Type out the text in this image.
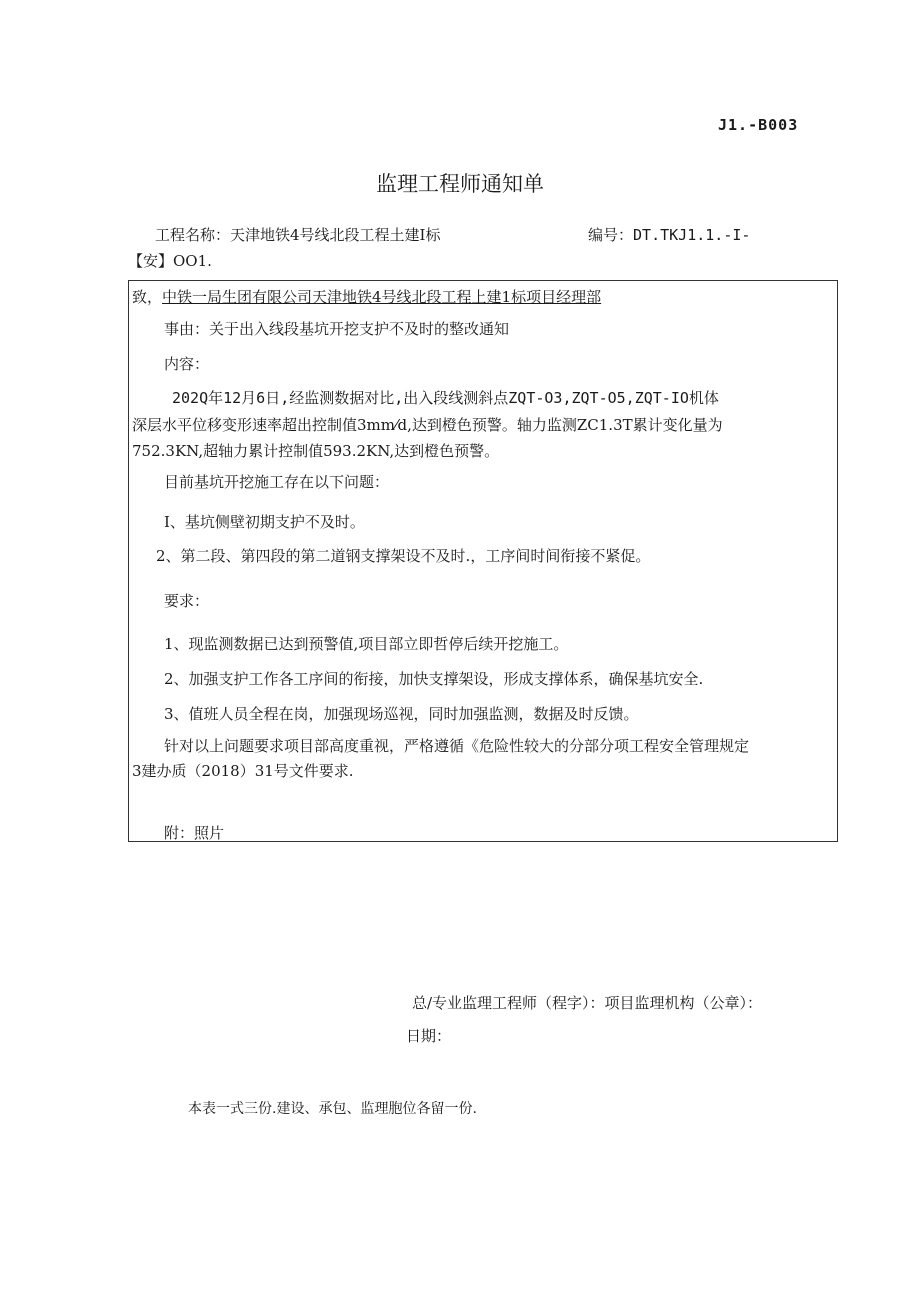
J1.-B003
监理工程师通知单
工程名称：天津地铁4号线北段工程土建I标	编号：DT.TKJ1.1.-I-
【安】OO1.
致，中铁一局生团有限公司天津地铁4号线北段工程上建1标项目经理部
事由：关于出入线段基坑开挖支护不及时的整改通知
内容：
202Q年12月6日,经监测数据对比,出入段线测斜点ZQT-O3,ZQT-O5,ZQT-IO机体
深层水平位移变形速率超出控制值3mm⁄d,达到橙色预警。轴力监测ZC1.3T累计变化量为
752.3KN,超轴力累计控制值593.2KN,达到橙色预警。
目前基坑开挖施工存在以下问题：
I、基坑侧壁初期支护不及时。
2、第二段、第四段的第二道钢支撑架设不及时.，工序间时间衔接不紧促。
要求：
1、现监测数据已达到预警值,项目部立即哲停后续开挖施工。
2、加强支护工作各工序间的衔接，加快支撑架设，形成支撑体系，确保基坑安全.
3、值班人员全程在岗，加强现场巡视，同时加强监测，数据及时反馈。
针对以上问题要求项目部高度重视，严格遵循《危险性较大的分部分项工程安全管理规定
3建办质（2018）31号文件要求.
附：照片
总/专业监理工程师（程字）：项目监理机构（公章）：
日期：
本表一式三份.建设、承包、监理胞位各留一份.
